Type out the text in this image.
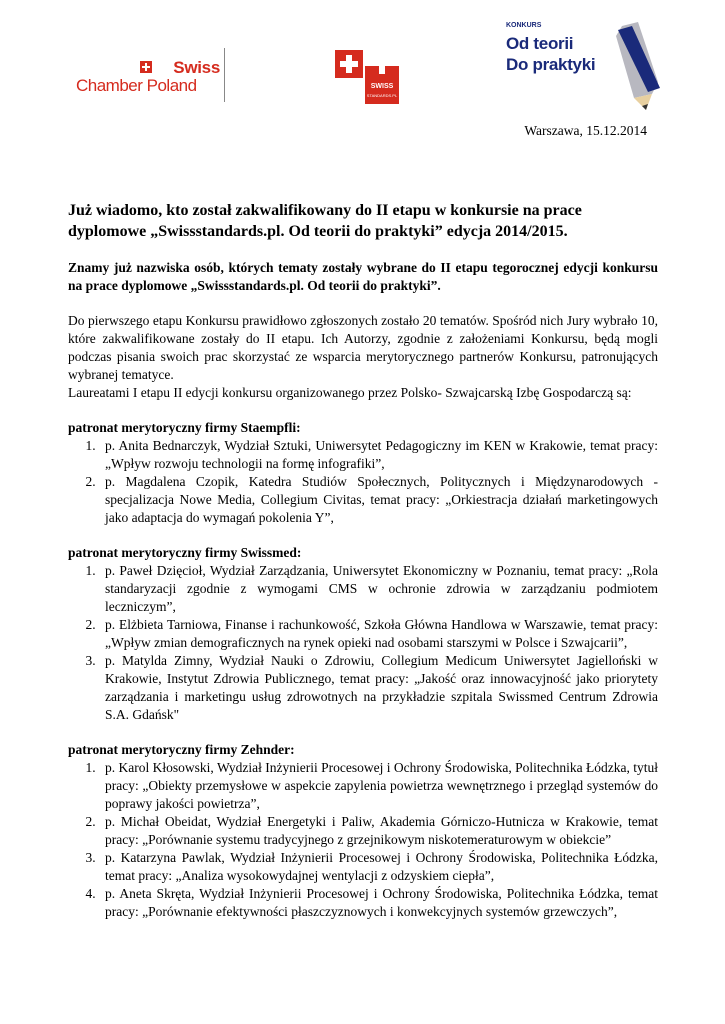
Swiss
Chamber Poland	SWISS
STANDARDS.PL
KONKURS
Od teorii
Do praktyki
Warszawa, 15.12.2014

Już wiadomo, kto został zakwalifikowany do II etapu w konkursie na prace dyplomowe „Swissstandards.pl. Od teorii do praktyki” edycja 2014/2015.

Znamy już nazwiska osób, których tematy zostały wybrane do II etapu tegorocznej edycji konkursu na prace dyplomowe „Swissstandards.pl. Od teorii do praktyki”.

Do pierwszego etapu Konkursu prawidłowo zgłoszonych zostało 20 tematów. Spośród nich Jury wybrało 10, które zakwalifikowane zostały do II etapu. Ich Autorzy, zgodnie z założeniami Konkursu, będą mogli podczas pisania swoich prac skorzystać ze wsparcia merytorycznego partnerów Konkursu, patronujących wybranej tematyce.

Laureatami I etapu II edycji konkursu organizowanego przez Polsko- Szwajcarską Izbę Gospodarczą są:

patronat merytoryczny firmy Staempfli:

1. p. Anita Bednarczyk, Wydział Sztuki, Uniwersytet Pedagogiczny im KEN w Krakowie, temat pracy: „Wpływ rozwoju technologii na formę infografiki”,
2. p. Magdalena Czopik, Katedra Studiów Społecznych, Politycznych i Międzynarodowych - specjalizacja Nowe Media, Collegium Civitas, temat pracy: „Orkiestracja działań marketingowych jako adaptacja do wymagań pokolenia Y”,

patronat merytoryczny firmy Swissmed:

1. p. Paweł Dzięcioł, Wydział Zarządzania, Uniwersytet Ekonomiczny w Poznaniu, temat pracy: „Rola standaryzacji zgodnie z wymogami CMS w ochronie zdrowia w zarządzaniu podmiotem leczniczym”,
2. p. Elżbieta Tarniowa, Finanse i rachunkowość, Szkoła Główna Handlowa w Warszawie, temat pracy: „Wpływ zmian demograficznych na rynek opieki nad osobami starszymi w Polsce i Szwajcarii”,
3. p. Matylda Zimny, Wydział Nauki o Zdrowiu, Collegium Medicum Uniwersytet Jagielloński w Krakowie, Instytut Zdrowia Publicznego, temat pracy: „Jakość oraz innowacyjność jako priorytety zarządzania i marketingu usług zdrowotnych na przykładzie szpitala Swissmed Centrum Zdrowia S.A. Gdańsk"

patronat merytoryczny firmy Zehnder:

1. p. Karol Kłosowski, Wydział Inżynierii Procesowej i Ochrony Środowiska, Politechnika Łódzka, tytuł pracy: „Obiekty przemysłowe w aspekcie zapylenia powietrza wewnętrznego i przegląd systemów do poprawy jakości powietrza”,
2. p. Michał Obeidat, Wydział Energetyki i Paliw, Akademia Górniczo-Hutnicza w Krakowie, temat pracy: „Porównanie systemu tradycyjnego z grzejnikowym niskotemeraturowym w obiekcie”
3. p. Katarzyna Pawlak, Wydział Inżynierii Procesowej i Ochrony Środowiska, Politechnika Łódzka, temat pracy: „Analiza wysokowydajnej wentylacji z odzyskiem ciepła”,
4. p. Aneta Skręta, Wydział Inżynierii Procesowej i Ochrony Środowiska, Politechnika Łódzka, temat pracy: „Porównanie efektywności płaszczyznowych i konwekcyjnych systemów grzewczych”,
